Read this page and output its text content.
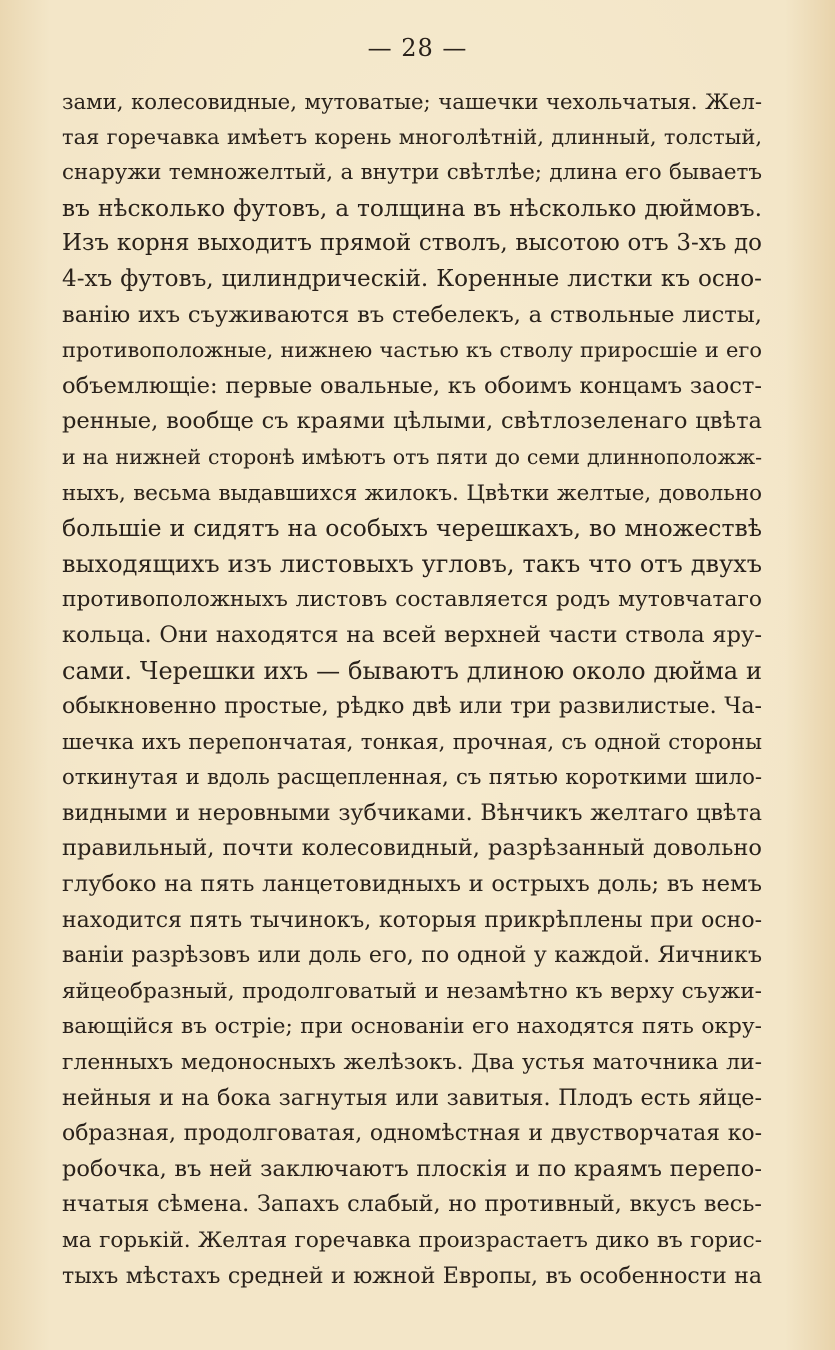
— 28 —
зами, колесовидные, мутоватые; чашечки чехольчатыя. Жел-
тая горечавка имѣетъ корень многолѣтнiй, длинный, толстый,
снаружи темножелтый, а внутри свѣтлѣе; длина его бываетъ
въ нѣсколько футовъ, а толщина въ нѣсколько дюймовъ.
Изъ корня выходитъ прямой стволъ, высотою отъ 3-хъ до
4-хъ футовъ, цилиндрическiй. Коренные листки къ осно-
ванiю ихъ съуживаются въ стебелекъ, а ствольные листы,
противоположные, нижнею частью къ стволу приросшiе и его
объемлющiе: первые овальные, къ обоимъ концамъ заост-
ренные, вообще съ краями цѣлыми, свѣтлозеленаго цвѣта
и на нижней сторонѣ имѣютъ отъ пяти до семи длинноположж-
ныхъ, весьма выдавшихся жилокъ. Цвѣтки желтые, довольно
большiе и сидятъ на особыхъ черешкахъ, во множествѣ
выходящихъ изъ листовыхъ угловъ, такъ что отъ двухъ
противоположныхъ листовъ составляется родъ мутовчатаго
кольца. Они находятся на всей верхней части ствола яру-
сами. Черешки ихъ — бываютъ длиною около дюйма и
обыкновенно простые, рѣдко двѣ или три развилистые. Ча-
шечка ихъ перепончатая, тонкая, прочная, съ одной стороны
откинутая и вдоль расщепленная, съ пятью короткими шило-
видными и неровными зубчиками. Вѣнчикъ желтаго цвѣта
правильный, почти колесовидный, разрѣзанный довольно
глубоко на пять ланцетовидныхъ и острыхъ доль; въ немъ
находится пять тычинокъ, которыя прикрѣплены при осно-
ванiи разрѣзовъ или доль его, по одной у каждой. Яичникъ
яйцеобразный, продолговатый и незамѣтно къ верху съужи-
вающiйся въ острiе; при основанiи его находятся пять окру-
гленныхъ медоносныхъ желѣзокъ. Два устья маточника ли-
нейныя и на бока загнутыя или завитыя. Плодъ есть яйце-
образная, продолговатая, одномѣстная и двустворчатая ко-
робочка, въ ней заключаютъ плоскiя и по краямъ перепо-
нчатыя сѣмена. Запахъ слабый, но противный, вкусъ весь-
ма горькiй. Желтая горечавка произрастаетъ дико въ горис-
тыхъ мѣстахъ средней и южной Европы, въ особенности на
